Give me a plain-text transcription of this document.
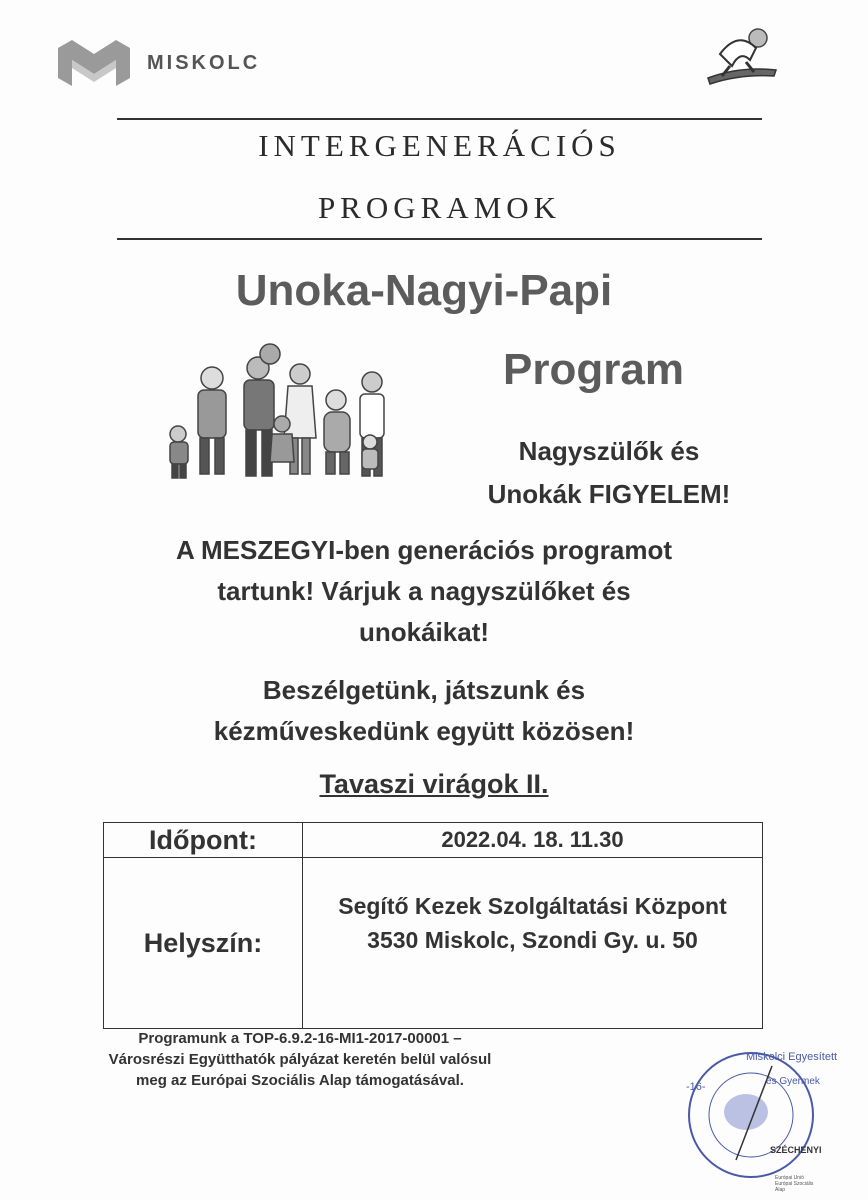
MISKOLC
INTERGENERÁCIÓS
PROGRAMOK
Unoka-Nagyi-Papi
Program
Nagyszülők és
Unokák FIGYELEM!
A MESZEGYI-ben generációs programot
tartunk! Várjuk a nagyszülőket és
unokáikat!
Beszélgetünk, játszunk és
kézműveskedünk együtt közösen!
Tavaszi virágok II.
Időpont:	2022.04. 18. 11.30
Helyszín:	Segítő Kezek Szolgáltatási Központ
3530 Miskolc, Szondi Gy. u. 50
Programunk a TOP-6.9.2-16-MI1-2017-00001 –
Városrészi Együtthatók pályázat keretén belül valósul
meg az Európai Szociális Alap támogatásával.
Miskolci Egyesített
és Gyermek
-16-
SZÉCHENYI
Európai Unió
Európai Szociális
Alap
